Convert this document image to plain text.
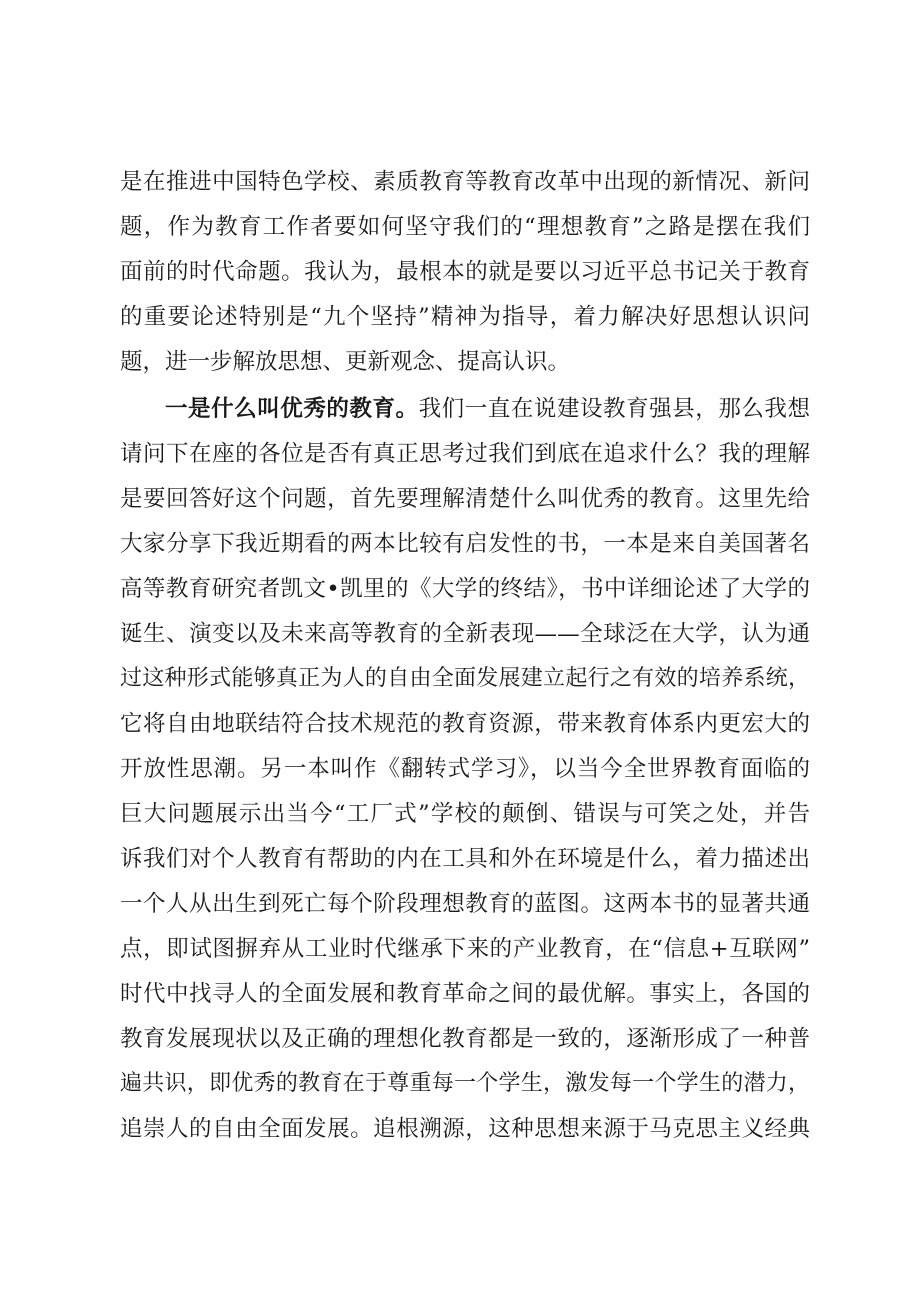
是在推进中国特色学校、素质教育等教育改革中出现的新情况、新问
题，作为教育工作者要如何坚守我们的“理想教育”之路是摆在我们
面前的时代命题。我认为，最根本的就是要以习近平总书记关于教育
的重要论述特别是“九个坚持”精神为指导，着力解决好思想认识问
题，进一步解放思想、更新观念、提高认识。
一是什么叫优秀的教育。我们一直在说建设教育强县，那么我想
请问下在座的各位是否有真正思考过我们到底在追求什么？我的理解
是要回答好这个问题，首先要理解清楚什么叫优秀的教育。这里先给
大家分享下我近期看的两本比较有启发性的书，一本是来自美国著名
高等教育研究者凯文•凯里的《大学的终结》，书中详细论述了大学的
诞生、演变以及未来高等教育的全新表现——全球泛在大学，认为通
过这种形式能够真正为人的自由全面发展建立起行之有效的培养系统，
它将自由地联结符合技术规范的教育资源，带来教育体系内更宏大的
开放性思潮。另一本叫作《翻转式学习》，以当今全世界教育面临的
巨大问题展示出当今“工厂式”学校的颠倒、错误与可笑之处，并告
诉我们对个人教育有帮助的内在工具和外在环境是什么，着力描述出
一个人从出生到死亡每个阶段理想教育的蓝图。这两本书的显著共通
点，即试图摒弃从工业时代继承下来的产业教育，在“信息+互联网”
时代中找寻人的全面发展和教育革命之间的最优解。事实上，各国的
教育发展现状以及正确的理想化教育都是一致的，逐渐形成了一种普
遍共识，即优秀的教育在于尊重每一个学生，激发每一个学生的潜力，
追崇人的自由全面发展。追根溯源，这种思想来源于马克思主义经典
